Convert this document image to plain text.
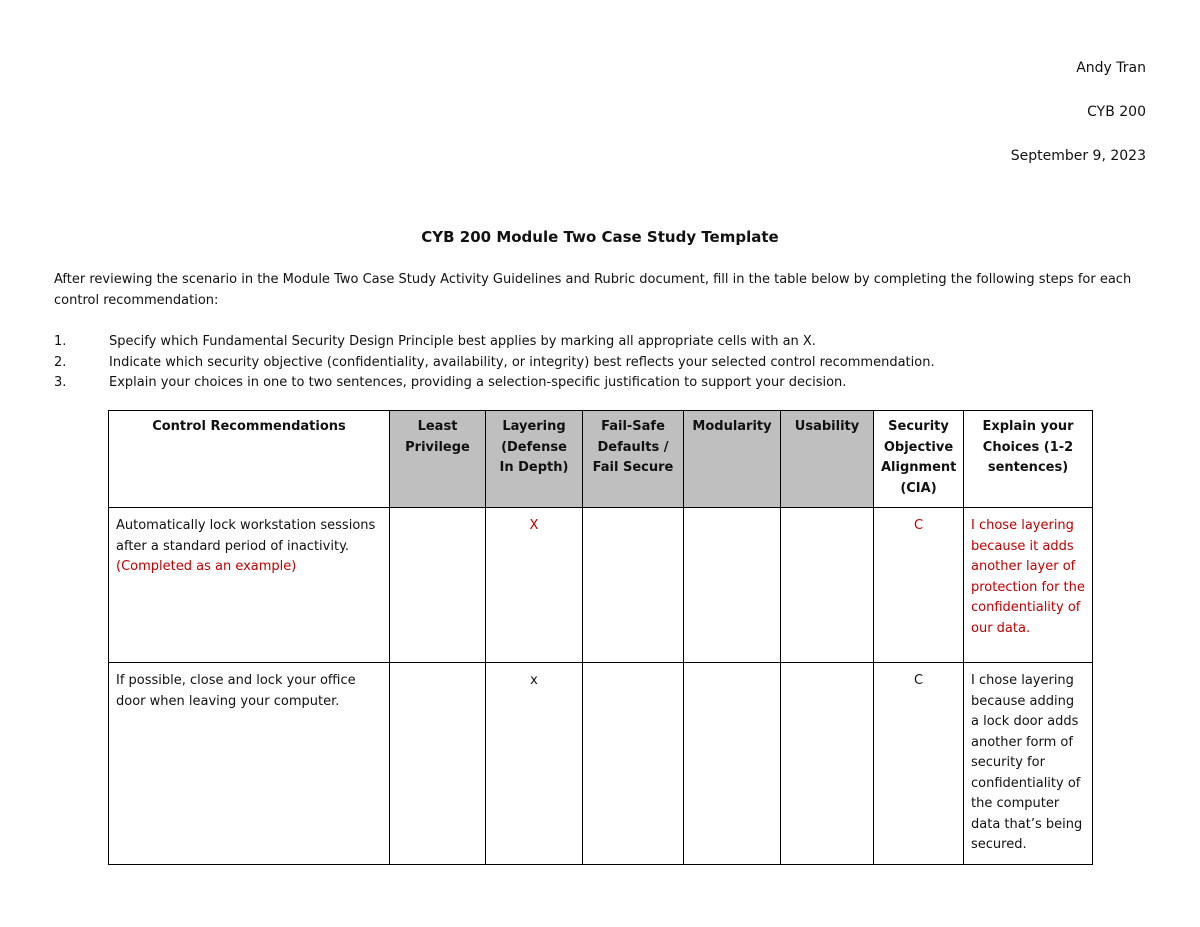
Andy Tran
CYB 200
September 9, 2023
CYB 200 Module Two Case Study Template
After reviewing the scenario in the Module Two Case Study Activity Guidelines and Rubric document, fill in the table below by completing the following steps for each control recommendation:
1.	Specify which Fundamental Security Design Principle best applies by marking all appropriate cells with an X.
2.	Indicate which security objective (confidentiality, availability, or integrity) best reflects your selected control recommendation.
3.	Explain your choices in one to two sentences, providing a selection-specific justification to support your decision.
Control Recommendations	Least Privilege	Layering (Defense In Depth)	Fail-Safe Defaults / Fail Secure	Modularity	Usability	Security Objective Alignment (CIA)	Explain your Choices (1-2 sentences)
Automatically lock workstation sessions after a standard period of inactivity. (Completed as an example)		X				C	I chose layering because it adds another layer of protection for the confidentiality of our data.
If possible, close and lock your office door when leaving your computer.		x				C	I chose layering because adding a lock door adds another form of security for confidentiality of the computer data that’s being secured.
